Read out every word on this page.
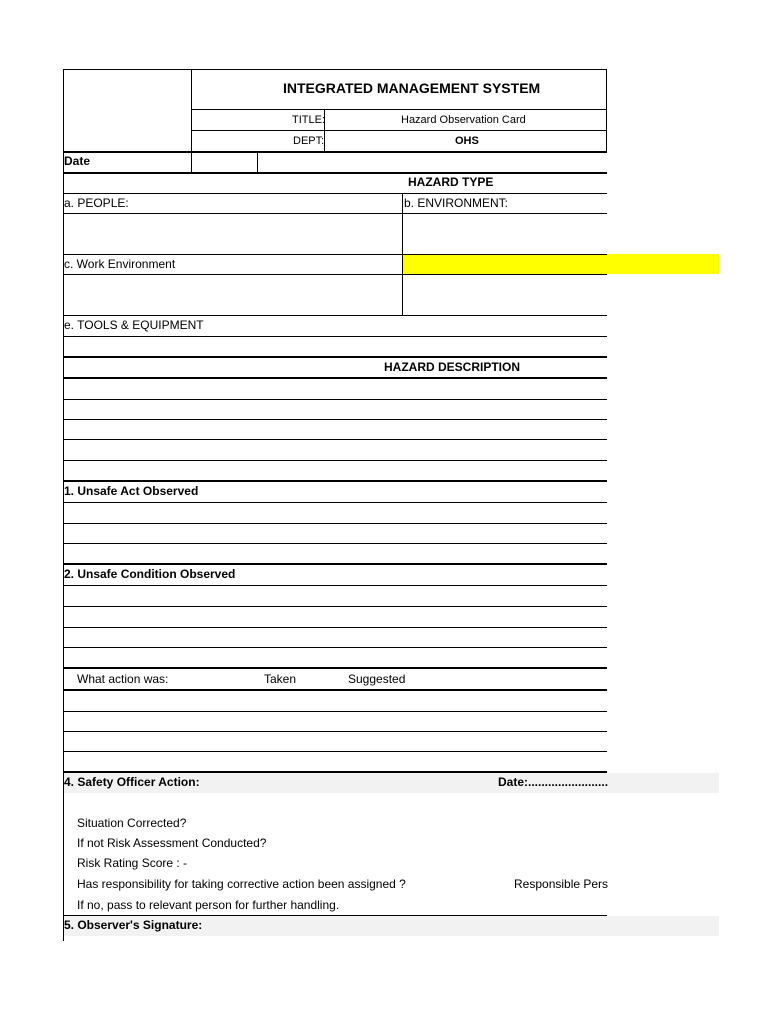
INTEGRATED MANAGEMENT SYSTEM
TITLE:	Hazard Observation Card
DEPT:	OHS
Date
HAZARD TYPE
a. PEOPLE:	b. ENVIRONMENT:
c. Work Environment
e. TOOLS & EQUIPMENT
HAZARD DESCRIPTION
1. Unsafe Act Observed
2. Unsafe Condition Observed
What action was:	Taken	Suggested
4. Safety Officer Action:	Date:........................
Situation Corrected?
If not Risk Assessment Conducted?
Risk Rating Score : -
Has responsibility for taking corrective action been assigned ?	Responsible Pers
If no, pass to relevant person for further handling.
5. Observer's Signature:
